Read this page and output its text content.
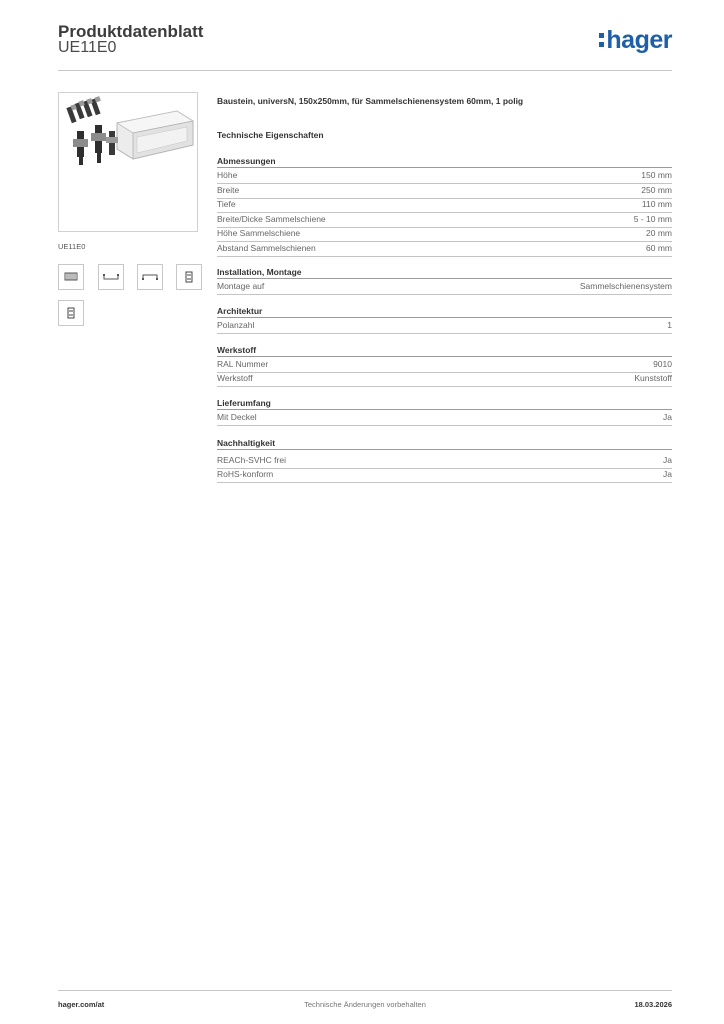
Produktdatenblatt
UE11E0	hager
UE11E0
Baustein, universN, 150x250mm, für Sammelschienensystem 60mm, 1 polig
Technische Eigenschaften
Abmessungen
Höhe	150 mm
Breite	250 mm
Tiefe	110 mm
Breite/Dicke Sammelschiene	5 - 10 mm
Höhe Sammelschiene	20 mm
Abstand Sammelschienen	60 mm
Installation, Montage
Montage auf	Sammelschienensystem
Architektur
Polanzahl	1
Werkstoff
RAL Nummer	9010
Werkstoff	Kunststoff
Lieferumfang
Mit Deckel	Ja
Nachhaltigkeit
REACh-SVHC frei	Ja
RoHS-konform	Ja
hager.com/at	Technische Änderungen vorbehalten	18.03.2026
